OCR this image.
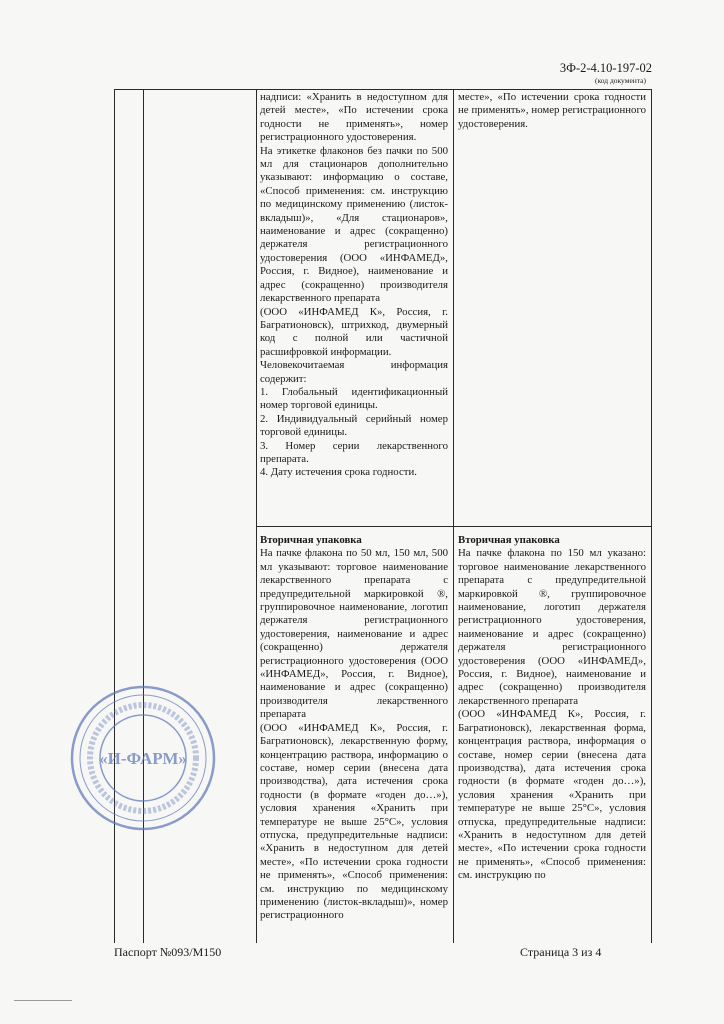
3Ф-2-4.10-197-02
(код документа)

надписи: «Хранить в недоступном для детей месте», «По истечении срока годности не применять», номер регистрационного удостоверения.

На этикетке флаконов без пачки по 500 мл для стационаров дополнительно указывают: информацию о составе, «Способ применения: см. инструкцию по медицинскому применению (листок-вкладыш)», «Для стационаров», наименование и адрес (сокращенно) держателя регистрационного удостоверения (ООО «ИНФАМЕД», Россия, г. Видное), наименование и адрес (сокращенно) производителя лекарственного препарата

(ООО «ИНФАМЕД К», Россия, г. Багратионовск), штрихкод, двумерный код с полной или частичной расшифровкой информации.

Человекочитаемая информация содержит:

1. Глобальный идентификационный номер торговой единицы.

2. Индивидуальный серийный номер торговой единицы.

3. Номер серии лекарственного препарата.

4. Дату истечения срока годности.

Вторичная упаковка

На пачке флакона по 50 мл, 150 мл, 500 мл указывают: торговое наименование лекарственного препарата с предупредительной маркировкой ®, группировочное наименование, логотип держателя регистрационного удостоверения, наименование и адрес (сокращенно) держателя регистрационного удостоверения (ООО «ИНФАМЕД», Россия, г. Видное), наименование и адрес (сокращенно) производителя лекарственного препарата

(ООО «ИНФАМЕД К», Россия, г. Багратионовск), лекарственную форму, концентрацию раствора, информацию о составе, номер серии (внесена дата производства), дата истечения срока годности (в формате «годен до…»), условия хранения «Хранить при температуре не выше 25°С», условия отпуска, предупредительные надписи: «Хранить в недоступном для детей месте», «По истечении срока годности не применять», «Способ применения: см. инструкцию по медицинскому применению (листок-вкладыш)», номер регистрационного

месте», «По истечении срока годности не применять», номер регистрационного удостоверения.

Вторичная упаковка

На пачке флакона по 150 мл указано: торговое наименование лекарственного препарата с предупредительной маркировкой ®, группировочное наименование, логотип держателя регистрационного удостоверения, наименование и адрес (сокращенно) держателя регистрационного удостоверения (ООО «ИНФАМЕД», Россия, г. Видное), наименование и адрес (сокращенно) производителя лекарственного препарата

(ООО «ИНФАМЕД К», Россия, г. Багратионовск), лекарственная форма, концентрация раствора, информация о составе, номер серии (внесена дата производства), дата истечения срока годности (в формате «годен до…»), условия хранения «Хранить при температуре не выше 25°С», условия отпуска, предупредительные надписи: «Хранить в недоступном для детей месте», «По истечении срока годности не применять», «Способ применения: см. инструкцию по

«И-ФАРМ»
Паспорт №093/М150	Страница 3 из 4
